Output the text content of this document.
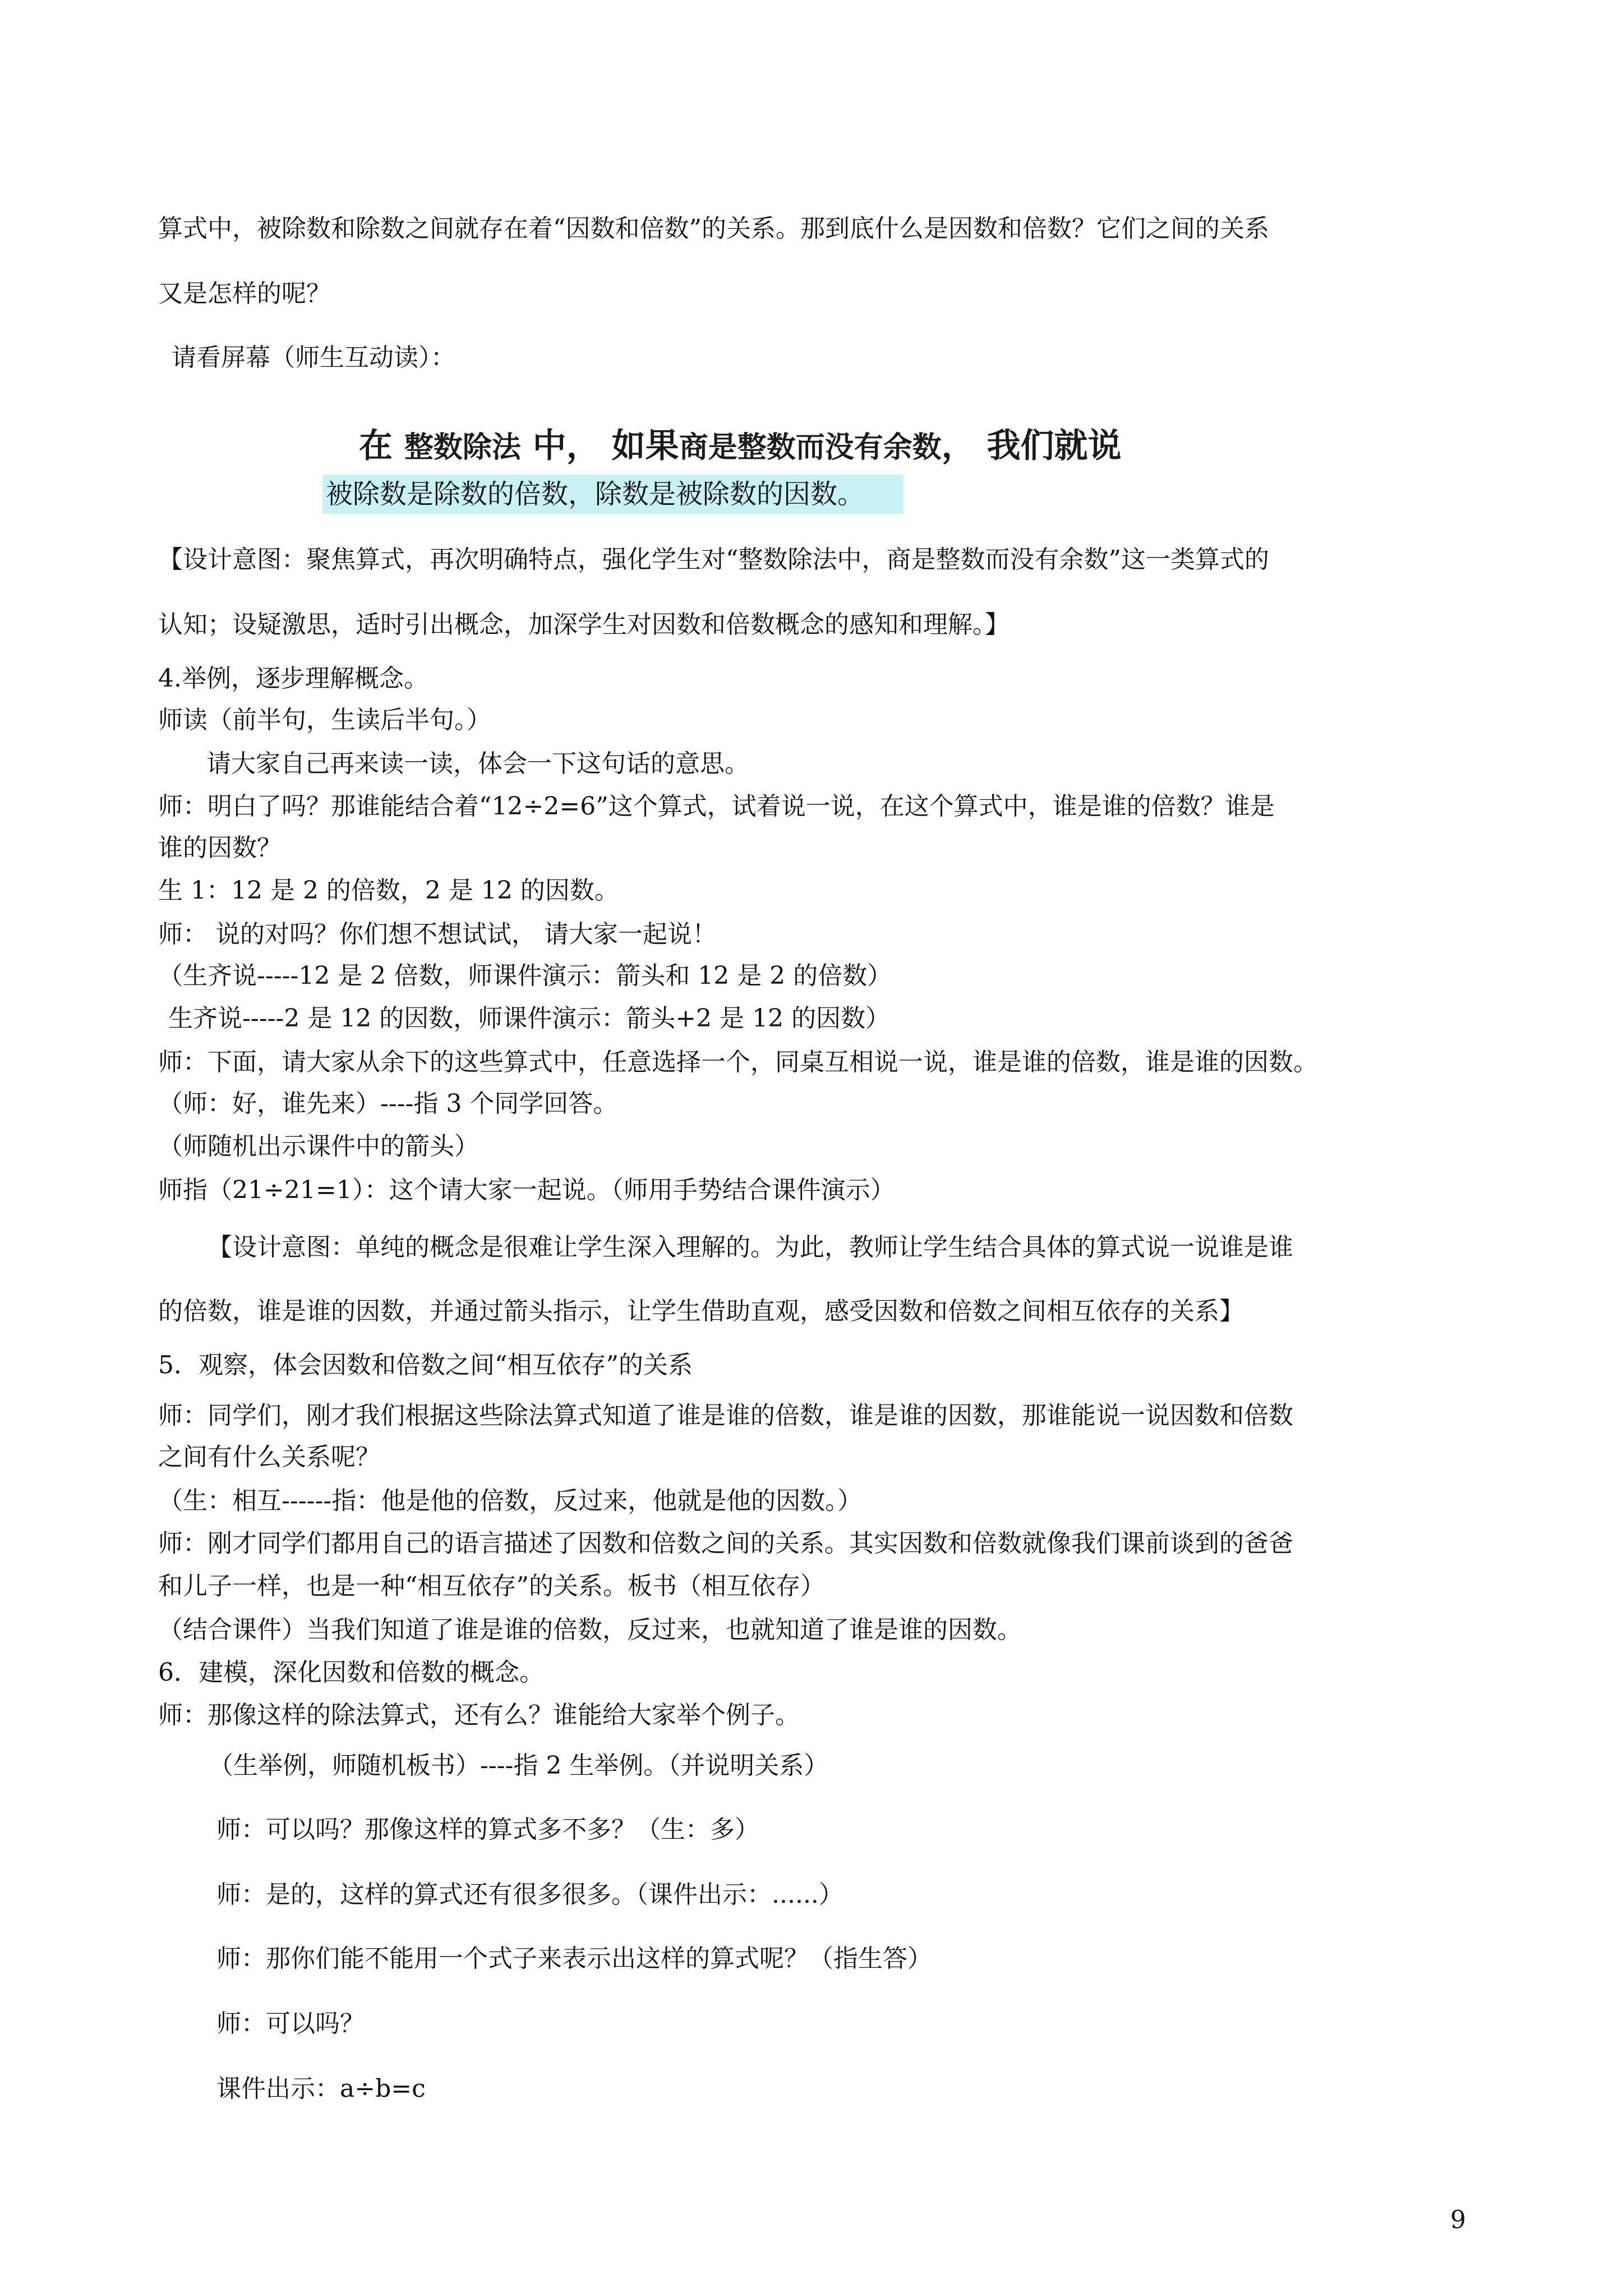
算式中，被除数和除数之间就存在着“因数和倍数”的关系。那到底什么是因数和倍数？它们之间的关系
又是怎样的呢？
请看屏幕（师生互动读）：
在 整数除法 中， 如果商是整数而没有余数， 我们就说
被除数是除数的倍数，除数是被除数的因数。
【设计意图：聚焦算式，再次明确特点，强化学生对“整数除法中，商是整数而没有余数”这一类算式的
认知；设疑激思，适时引出概念，加深学生对因数和倍数概念的感知和理解。】
4.举例，逐步理解概念。
师读（前半句，生读后半句。）
请大家自己再来读一读，体会一下这句话的意思。
师：明白了吗？那谁能结合着“12÷2=6”这个算式，试着说一说，在这个算式中，谁是谁的倍数？谁是
谁的因数？
生 1：12 是 2 的倍数，2 是 12 的因数。
师： 说的对吗？你们想不想试试， 请大家一起说！
（生齐说-----12 是 2 倍数，师课件演示：箭头和 12 是 2 的倍数）
生齐说-----2 是 12 的因数，师课件演示：箭头+2 是 12 的因数）
师：下面，请大家从余下的这些算式中，任意选择一个，同桌互相说一说，谁是谁的倍数，谁是谁的因数。
（师：好，谁先来）----指 3 个同学回答。
（师随机出示课件中的箭头）
师指（21÷21=1）：这个请大家一起说。（师用手势结合课件演示）
【设计意图：单纯的概念是很难让学生深入理解的。为此，教师让学生结合具体的算式说一说谁是谁
的倍数，谁是谁的因数，并通过箭头指示，让学生借助直观，感受因数和倍数之间相互依存的关系】
5．观察，体会因数和倍数之间“相互依存”的关系
师：同学们，刚才我们根据这些除法算式知道了谁是谁的倍数，谁是谁的因数，那谁能说一说因数和倍数
之间有什么关系呢？
（生：相互------指：他是他的倍数，反过来，他就是他的因数。）
师：刚才同学们都用自己的语言描述了因数和倍数之间的关系。其实因数和倍数就像我们课前谈到的爸爸
和儿子一样，也是一种“相互依存”的关系。板书（相互依存）
（结合课件）当我们知道了谁是谁的倍数，反过来，也就知道了谁是谁的因数。
6．建模，深化因数和倍数的概念。
师：那像这样的除法算式，还有么？谁能给大家举个例子。
（生举例，师随机板书）----指 2 生举例。（并说明关系）
师：可以吗？那像这样的算式多不多？（生：多）
师：是的，这样的算式还有很多很多。（课件出示：......）
师：那你们能不能用一个式子来表示出这样的算式呢？（指生答）
师：可以吗？
课件出示：a÷b=c
9
